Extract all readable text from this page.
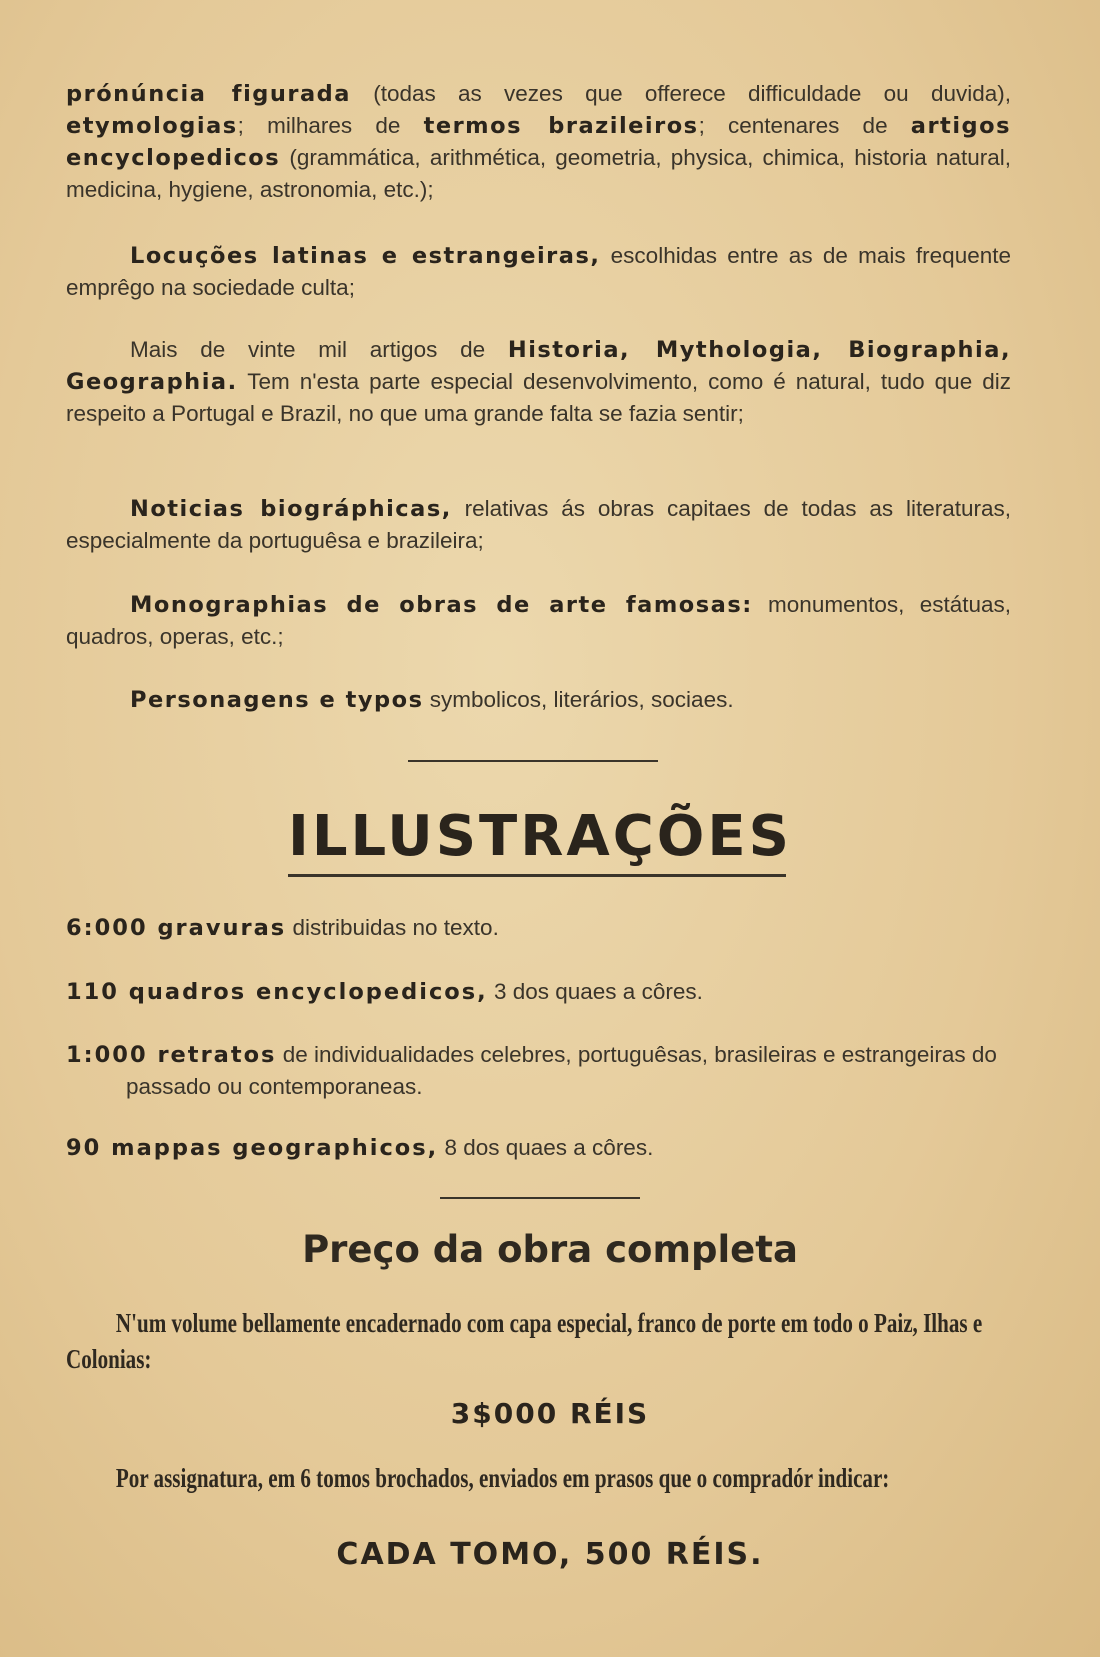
prónúncia figurada (todas as vezes que offerece difficuldade ou duvida), etymologias; milhares de termos brazileiros; centenares de artigos encyclopedicos (grammática, arithmética, geometria, physica, chimica, historia natural, medicina, hygiene, astronomia, etc.);
Locuções latinas e estrangeiras, escolhidas entre as de mais frequente emprêgo na sociedade culta;
Mais de vinte mil artigos de Historia, Mythologia, Biographia, Geographia. Tem n'esta parte especial desenvolvimento, como é natural, tudo que diz respeito a Portugal e Brazil, no que uma grande falta se fazia sentir;
Noticias biográphicas, relativas ás obras capitaes de todas as literaturas, especialmente da portuguêsa e brazileira;
Monographias de obras de arte famosas: monumentos, estátuas, quadros, operas, etc.;
Personagens e typos symbolicos, literários, sociaes.
ILLUSTRAÇÕES
6:000 gravuras distribuidas no texto.
110 quadros encyclopedicos, 3 dos quaes a côres.
1:000 retratos de individualidades celebres, portuguêsas, brasileiras e estrangeiras do passado ou contemporaneas.
90 mappas geographicos, 8 dos quaes a côres.
Preço da obra completa
N'um volume bellamente encadernado com capa especial, franco de porte em todo o Paiz, Ilhas e Colonias:
3$000 RÉIS
Por assignatura, em 6 tomos brochados, enviados em prasos que o compradór indicar:
CADA TOMO, 500 RÉIS.
